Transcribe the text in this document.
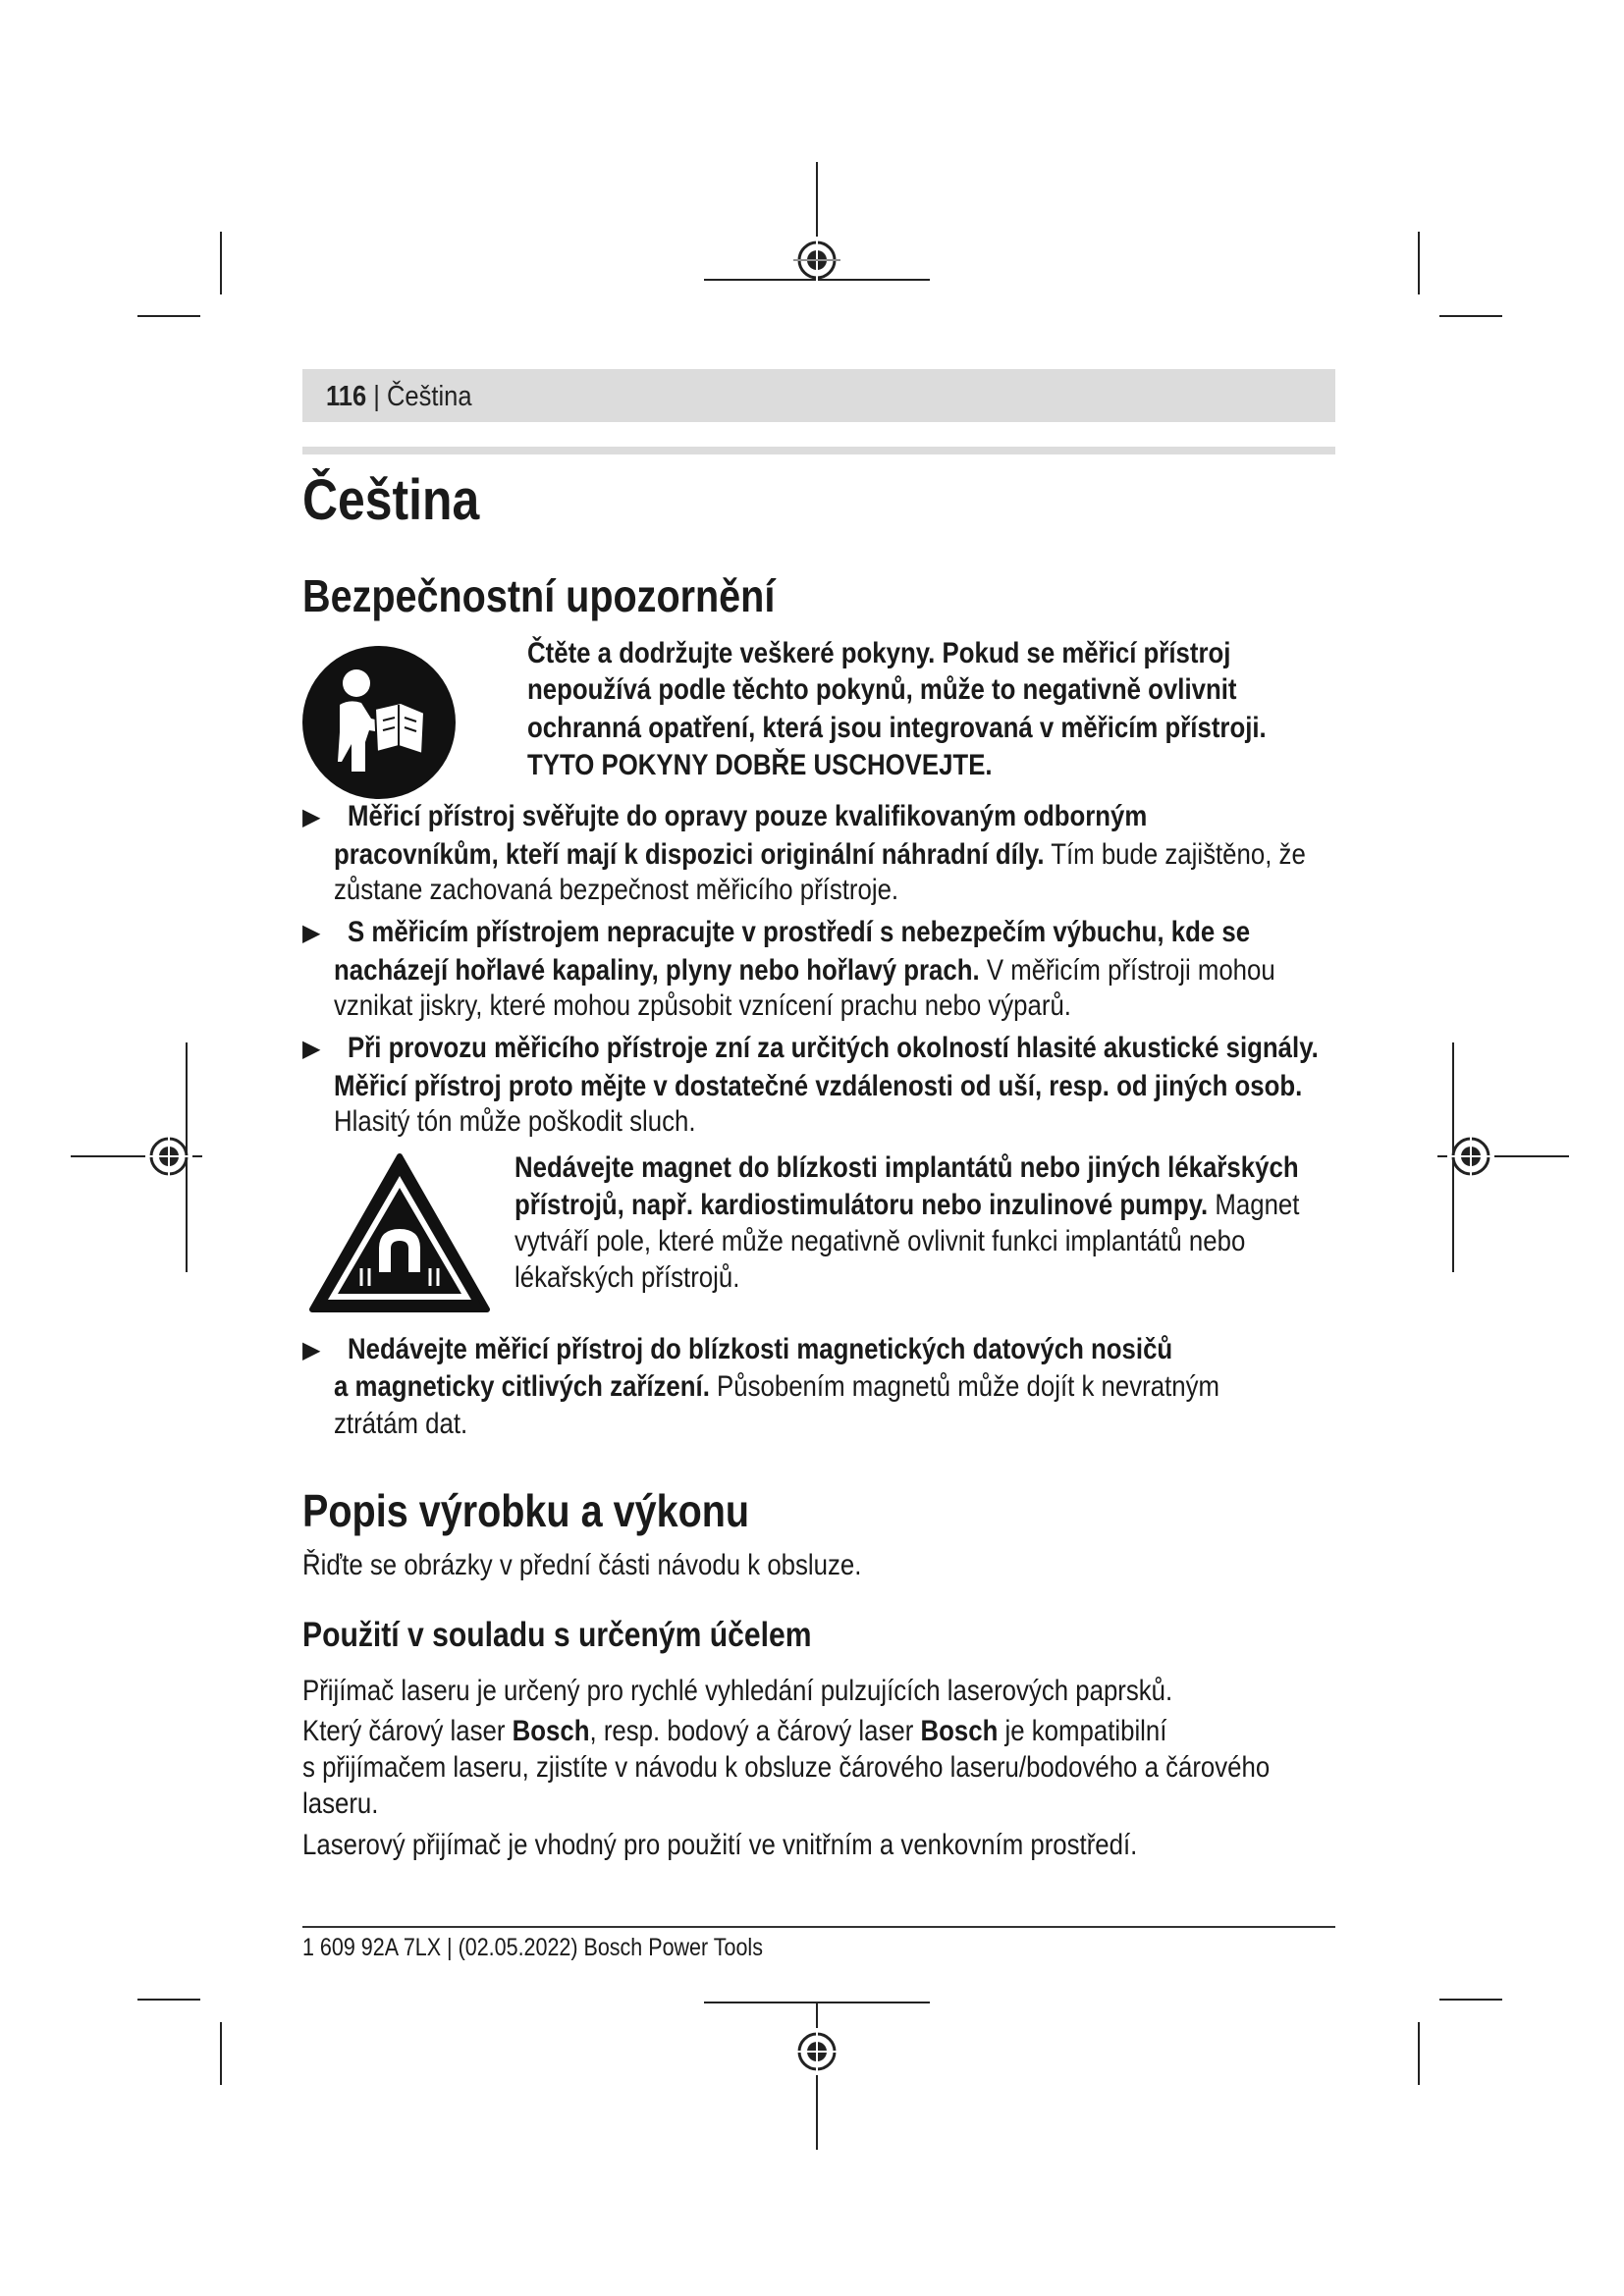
116 | Čeština
Čeština
Bezpečnostní upozornění
Čtěte a dodržujte veškeré pokyny. Pokud se měřicí přístroj
nepoužívá podle těchto pokynů, může to negativně ovlivnit
ochranná opatření, která jsou integrovaná v měřicím přístroji.
TYTO POKYNY DOBŘE USCHOVEJTE.
▶ Měřicí přístroj svěřujte do opravy pouze kvalifikovaným odborným
pracovníkům, kteří mají k dispozici originální náhradní díly. Tím bude zajištěno, že
zůstane zachovaná bezpečnost měřicího přístroje.
▶ S měřicím přístrojem nepracujte v prostředí s nebezpečím výbuchu, kde se
nacházejí hořlavé kapaliny, plyny nebo hořlavý prach. V měřicím přístroji mohou
vznikat jiskry, které mohou způsobit vznícení prachu nebo výparů.
▶ Při provozu měřicího přístroje zní za určitých okolností hlasité akustické signály.
Měřicí přístroj proto mějte v dostatečné vzdálenosti od uší, resp. od jiných osob.
Hlasitý tón může poškodit sluch.
Nedávejte magnet do blízkosti implantátů nebo jiných lékařských
přístrojů, např. kardiostimulátoru nebo inzulinové pumpy. Magnet
vytváří pole, které může negativně ovlivnit funkci implantátů nebo
lékařských přístrojů.
▶ Nedávejte měřicí přístroj do blízkosti magnetických datových nosičů
a magneticky citlivých zařízení. Působením magnetů může dojít k nevratným
ztrátám dat.
Popis výrobku a výkonu
Řiďte se obrázky v přední části návodu k obsluze.
Použití v souladu s určeným účelem
Přijímač laseru je určený pro rychlé vyhledání pulzujících laserových paprsků.
Který čárový laser Bosch, resp. bodový a čárový laser Bosch je kompatibilní
s přijímačem laseru, zjistíte v návodu k obsluze čárového laseru/bodového a čárového
laseru.
Laserový přijímač je vhodný pro použití ve vnitřním a venkovním prostředí.
1 609 92A 7LX | (02.05.2022) Bosch Power Tools
